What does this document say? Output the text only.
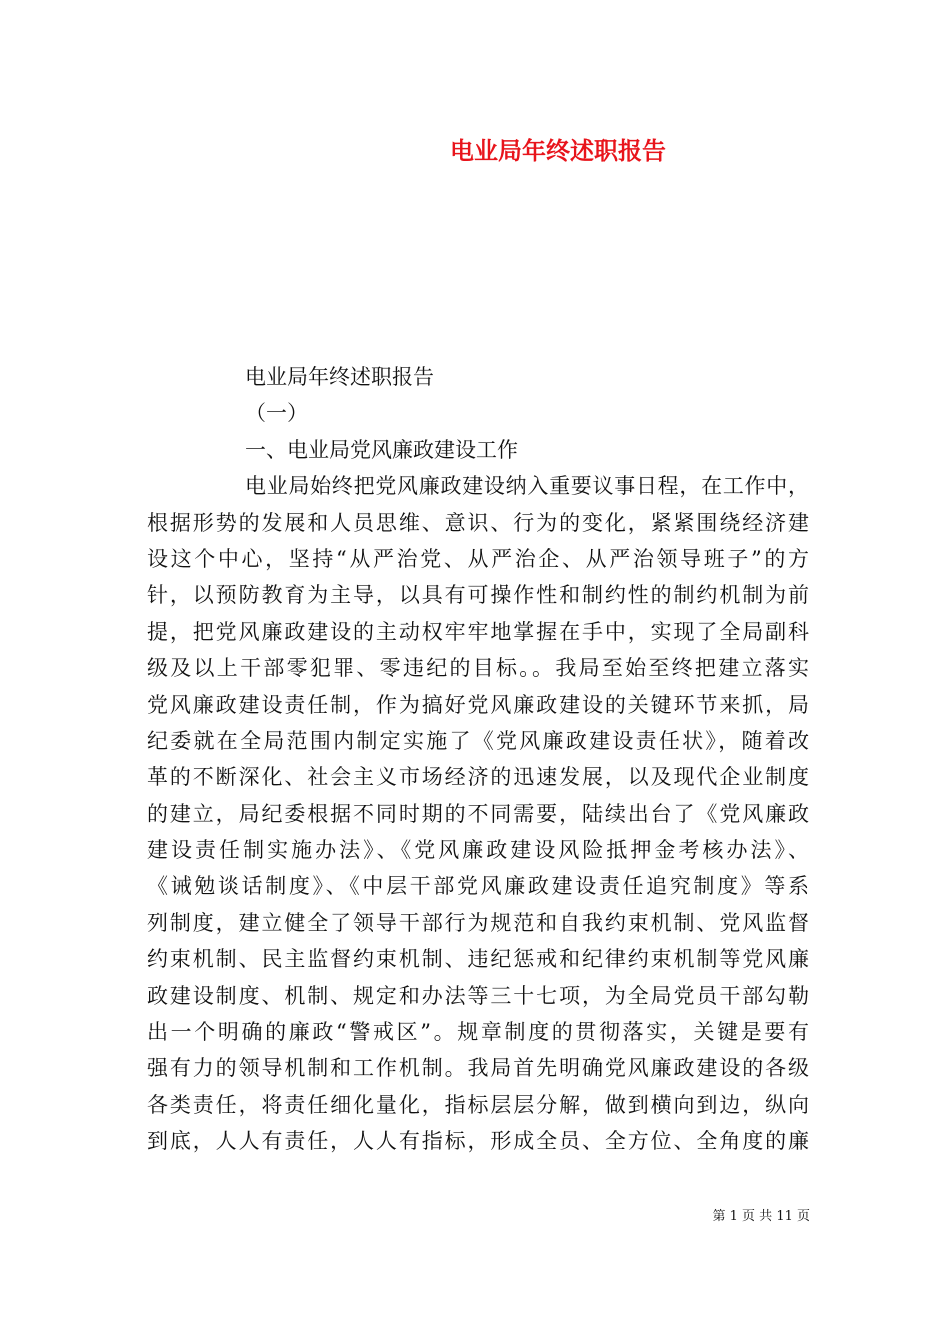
电业局年终述职报告
电业局年终述职报告
（一）
一、电业局党风廉政建设工作
电业局始终把党风廉政建设纳入重要议事日程，在工作中，
根据形势的发展和人员思维、意识、行为的变化，紧紧围绕经济建
设这个中心，坚持“从严治党、从严治企、从严治领导班子”的方
针，以预防教育为主导，以具有可操作性和制约性的制约机制为前
提，把党风廉政建设的主动权牢牢地掌握在手中，实现了全局副科
级及以上干部零犯罪、零违纪的目标。。我局至始至终把建立落实
党风廉政建设责任制，作为搞好党风廉政建设的关键环节来抓，局
纪委就在全局范围内制定实施了《党风廉政建设责任状》，随着改
革的不断深化、社会主义市场经济的迅速发展，以及现代企业制度
的建立，局纪委根据不同时期的不同需要，陆续出台了《党风廉政
建设责任制实施办法》、《党风廉政建设风险抵押金考核办法》、
《诫勉谈话制度》、《中层干部党风廉政建设责任追究制度》等系
列制度，建立健全了领导干部行为规范和自我约束机制、党风监督
约束机制、民主监督约束机制、违纪惩戒和纪律约束机制等党风廉
政建设制度、机制、规定和办法等三十七项，为全局党员干部勾勒
出一个明确的廉政“警戒区”。规章制度的贯彻落实，关键是要有
强有力的领导机制和工作机制。我局首先明确党风廉政建设的各级
各类责任，将责任细化量化，指标层层分解，做到横向到边，纵向
到底，人人有责任，人人有指标，形成全员、全方位、全角度的廉
第 1 页 共 11 页
